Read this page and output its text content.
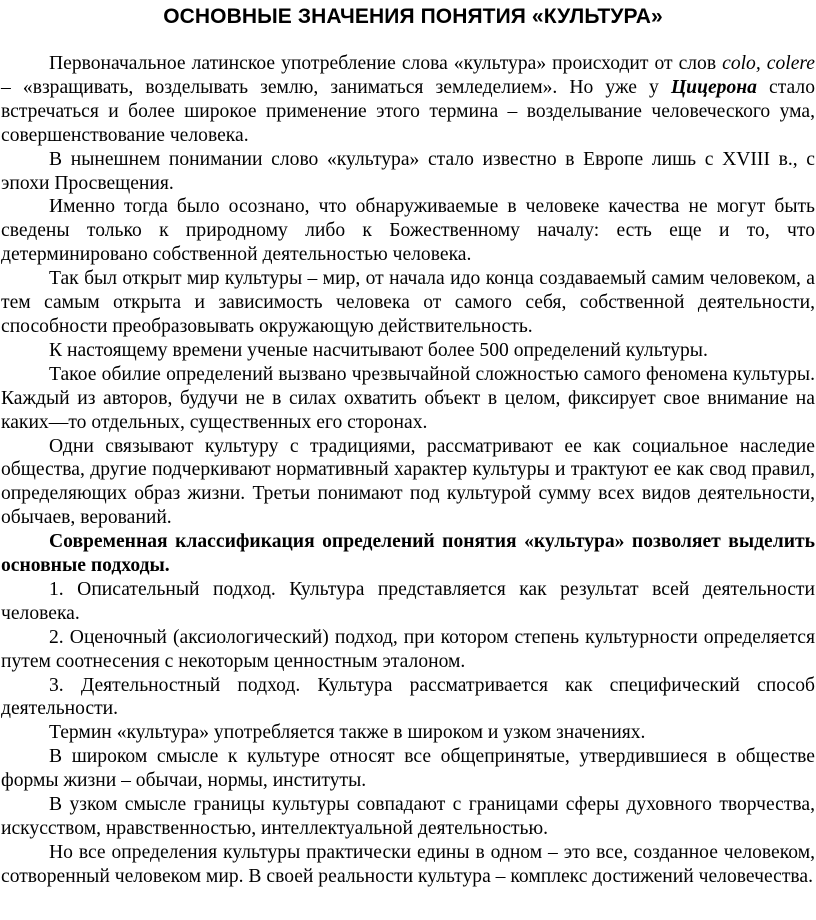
ОСНОВНЫЕ ЗНАЧЕНИЯ ПОНЯТИЯ «КУЛЬТУРА»

Первоначальное латинское употребление слова «культура» происходит от слов colo, colere – «взращивать, возделывать землю, заниматься земледелием». Но уже у Цицерона стало встречаться и более широкое применение этого термина – возделывание человеческого ума, совершенствование человека.

В нынешнем понимании слово «культура» стало известно в Европе лишь с XVIII в., с эпохи Просвещения.

Именно тогда было осознано, что обнаруживаемые в человеке качества не могут быть сведены только к природному либо к Божественному началу: есть еще и то, что детерминировано собственной деятельностью человека.

Так был открыт мир культуры – мир, от начала идо конца создаваемый самим человеком, а тем самым открыта и зависимость человека от самого себя, собственной деятельности, способности преобразовывать окружающую действительность.

К настоящему времени ученые насчитывают более 500 определений культуры.

Такое обилие определений вызвано чрезвычайной сложностью самого феномена культуры. Каждый из авторов, будучи не в силах охватить объект в целом, фиксирует свое внимание на каких—то отдельных, существенных его сторонах.

Одни связывают культуру с традициями, рассматривают ее как социальное наследие общества, другие подчеркивают нормативный характер культуры и трактуют ее как свод правил, определяющих образ жизни. Третьи понимают под культурой сумму всех видов деятельности, обычаев, верований.

Современная классификация определений понятия «культура» позволяет выделить основные подходы.

1. Описательный подход. Культура представляется как результат всей деятельности человека.

2. Оценочный (аксиологический) подход, при котором степень культурности определяется путем соотнесения с некоторым ценностным эталоном.

3. Деятельностный подход. Культура рассматривается как специфический способ деятельности.

Термин «культура» употребляется также в широком и узком значениях.

В широком смысле к культуре относят все общепринятые, утвердившиеся в обществе формы жизни – обычаи, нормы, институты.

В узком смысле границы культуры совпадают с границами сферы духовного творчества, искусством, нравственностью, интеллектуальной деятельностью.

Но все определения культуры практически едины в одном – это все, созданное человеком, сотворенный человеком мир. В своей реальности культура – комплекс достижений человечества.
